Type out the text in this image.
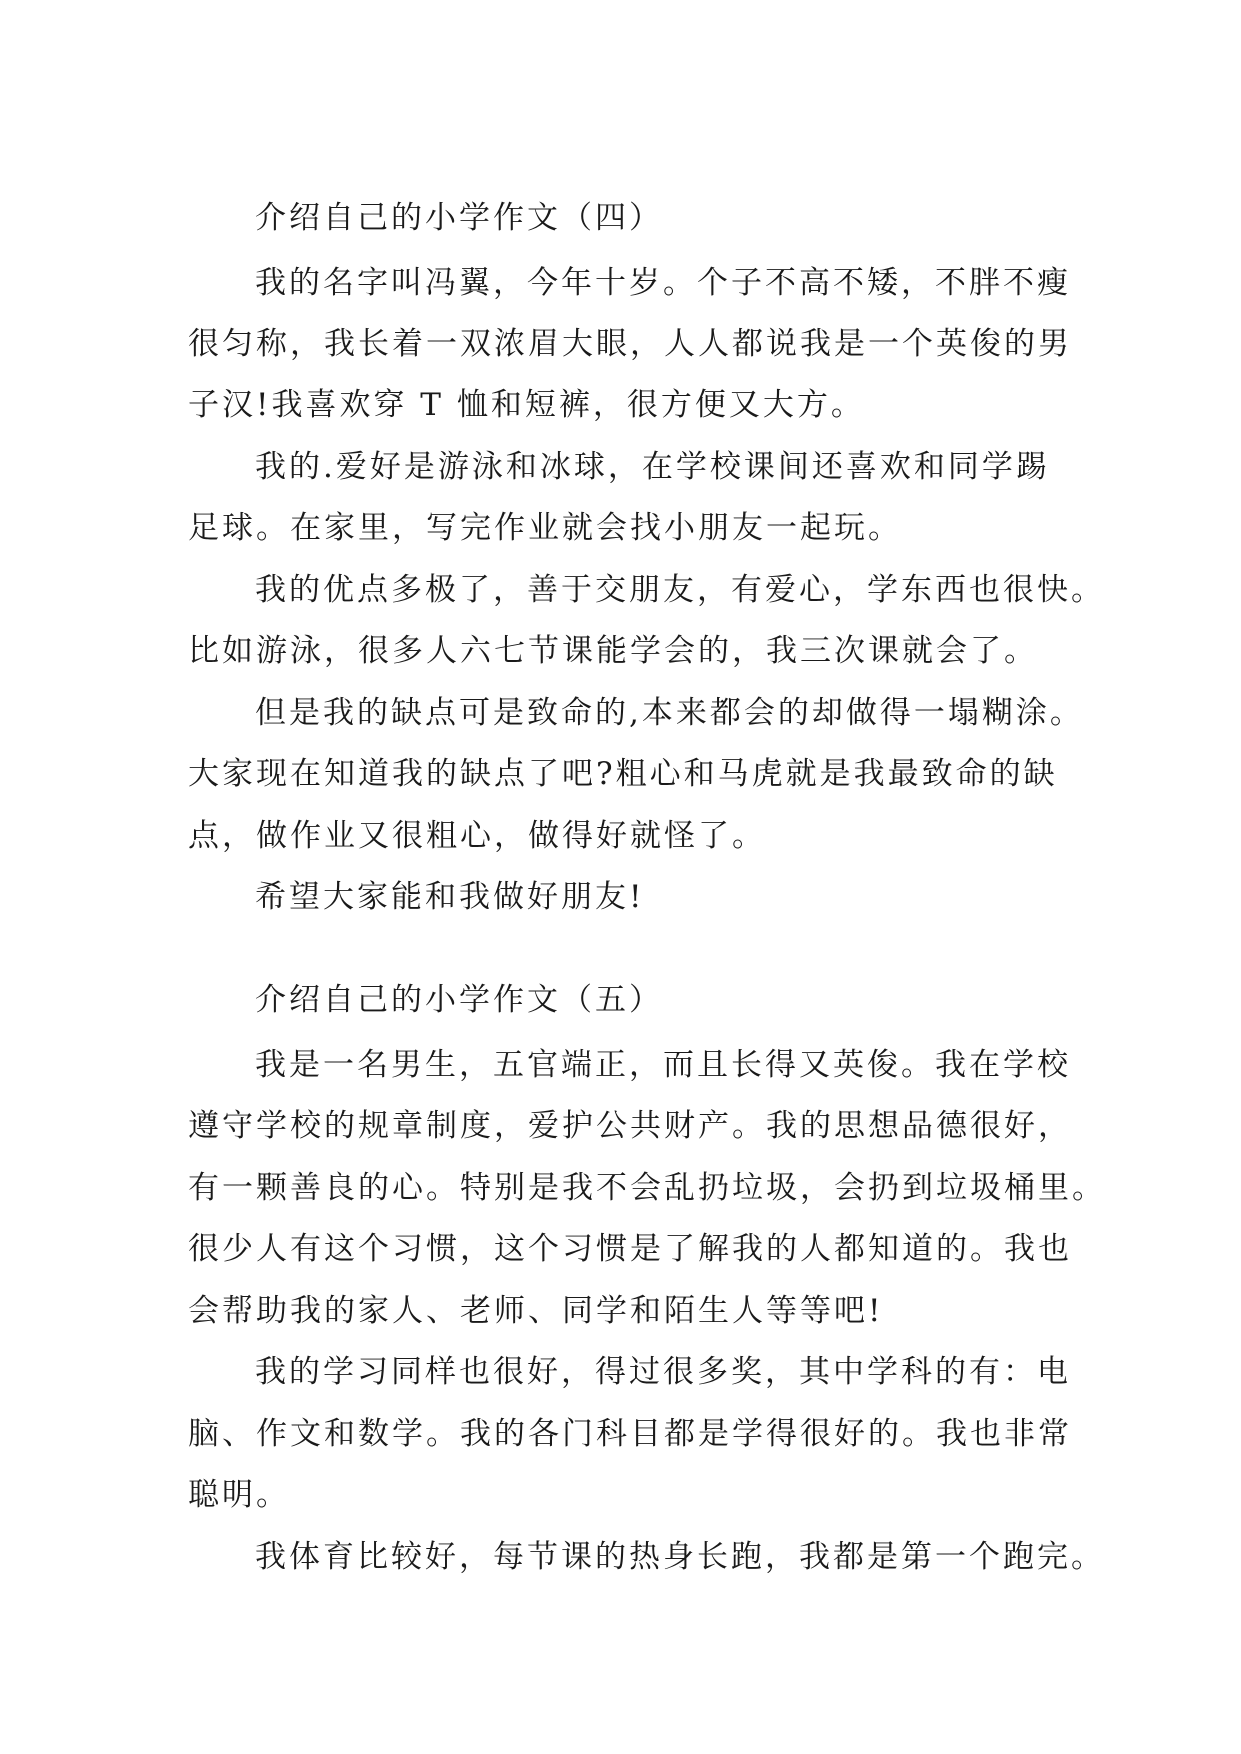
介绍自己的小学作文（四）
我的名字叫冯翼，今年十岁。个子不高不矮，不胖不瘦
很匀称，我长着一双浓眉大眼，人人都说我是一个英俊的男
子汉!我喜欢穿 T 恤和短裤，很方便又大方。
我的.爱好是游泳和冰球，在学校课间还喜欢和同学踢
足球。在家里，写完作业就会找小朋友一起玩。
我的优点多极了，善于交朋友，有爱心，学东西也很快。
比如游泳，很多人六七节课能学会的，我三次课就会了。
但是我的缺点可是致命的,本来都会的却做得一塌糊涂。
大家现在知道我的缺点了吧?粗心和马虎就是我最致命的缺
点，做作业又很粗心，做得好就怪了。
希望大家能和我做好朋友!
介绍自己的小学作文（五）
我是一名男生，五官端正，而且长得又英俊。我在学校
遵守学校的规章制度，爱护公共财产。我的思想品德很好，
有一颗善良的心。特别是我不会乱扔垃圾，会扔到垃圾桶里。
很少人有这个习惯，这个习惯是了解我的人都知道的。我也
会帮助我的家人、老师、同学和陌生人等等吧!
我的学习同样也很好，得过很多奖，其中学科的有：电
脑、作文和数学。我的各门科目都是学得很好的。我也非常
聪明。
我体育比较好，每节课的热身长跑，我都是第一个跑完。
